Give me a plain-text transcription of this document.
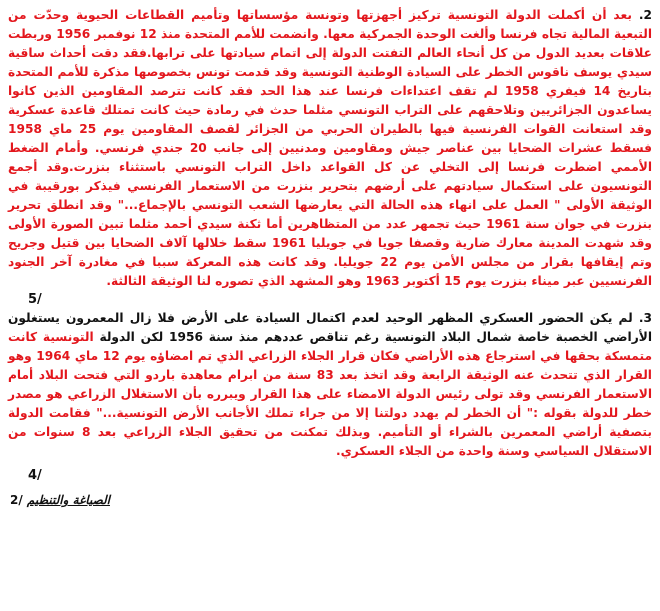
2. بعد أن أكملت الدولة التونسية تركيز أجهزتها وتونسة مؤسساتها وتأميم القطاعات الحيوية وحدّت من التبعية المالية تجاه فرنسا وألغت الوحدة الجمركية معها. وانضمت للأمم المتحدة منذ 12 نوفمبر 1956 وربطت علاقات بعديد الدول من كل أنحاء العالم التفتت الدولة إلى اتمام سيادتها على ترابها.فقد دقت أحداث ساقية سيدي يوسف ناقوس الخطر على السيادة الوطنية التونسية وقد قدمت تونس بخصوصها مذكرة للأمم المتحدة بتاريخ 14 فيفري 1958 لم تقف اعتداءات فرنسا عند هذا الحد فقد كانت تترصد المقاومين الذين كانوا يساعدون الجزائريين وتلاحقهم على التراب التونسي مثلما حدث في رمادة حيث كانت تمتلك قاعدة عسكرية وقد استعانت القوات الفرنسية فيها بالطيران الحربي من الجزائر لقصف المقاومين يوم 25 ماي 1958 فسقط عشرات الضحايا بين عناصر جيش ومقاومين ومدنيين إلى جانب 20 جندي فرنسي. وأمام الضغط الأممي اضطرت فرنسا إلى التخلي عن كل القواعد داخل التراب التونسي باستثناء بنزرت.وقد أجمع التونسيون على استكمال سيادتهم على أرضهم بتحرير بنزرت من الاستعمار الفرنسي فيذكر بورقيبة في الوثيقة الأولى " العمل على انهاء هذه الحالة التي يعارضها الشعب التونسي بالإجماع..." وقد انطلق تحرير بنزرت في جوان سنة 1961 حيث تجمهر عدد من المتظاهرين أما ثكنة سيدي أحمد مثلما تبين الصورة الأولى وقد شهدت المدينة معارك ضارية وقصفا جويا في جويليا 1961 سقط خلالها آلاف الضحايا بين قتيل وجريح وتم إيقافها بقرار من مجلس الأمن يوم 22 جويليا. وقد كانت هذه المعركة سببا في مغادرة آخر الجنود الفرنسيين عبر ميناء بنزرت يوم 15 أكتوبر 1963 وهو المشهد الذي تصوره لنا الوثيقة الثالثة.

5/

3. لم يكن الحضور العسكري المظهر الوحيد لعدم اكتمال السيادة على الأرض فلا زال المعمرون يستغلون الأراضي الخصبة خاصة شمال البلاد التونسية رغم تناقص عددهم منذ سنة 1956 لكن الدولة التونسية كانت متمسكة بحقها في استرجاع هذه الأراضي فكان قرار الجلاء الزراعي الذي تم امضاؤه يوم 12 ماي 1964 وهو القرار الذي تتحدث عنه الوثيقة الرابعة وقد اتخذ بعد 83 سنة من ابرام معاهدة باردو التي فتحت البلاد أمام الاستعمار الفرنسي وقد تولى رئيس الدولة الامضاء على هذا القرار ويبرره بأن الاستغلال الزراعي هو مصدر خطر للدولة بقوله :" أن الخطر لم يهدد دولتنا إلا من جراء تملك الأجانب الأرض التونسية..." فقامت الدولة بتصفية أراضي المعمرين بالشراء أو التأميم. وبذلك تمكنت من تحقيق الجلاء الزراعي بعد 8 سنوات من الاستقلال السياسي وسنة واحدة من الجلاء العسكري.

4/

2/ الصياغة والتنظيم
